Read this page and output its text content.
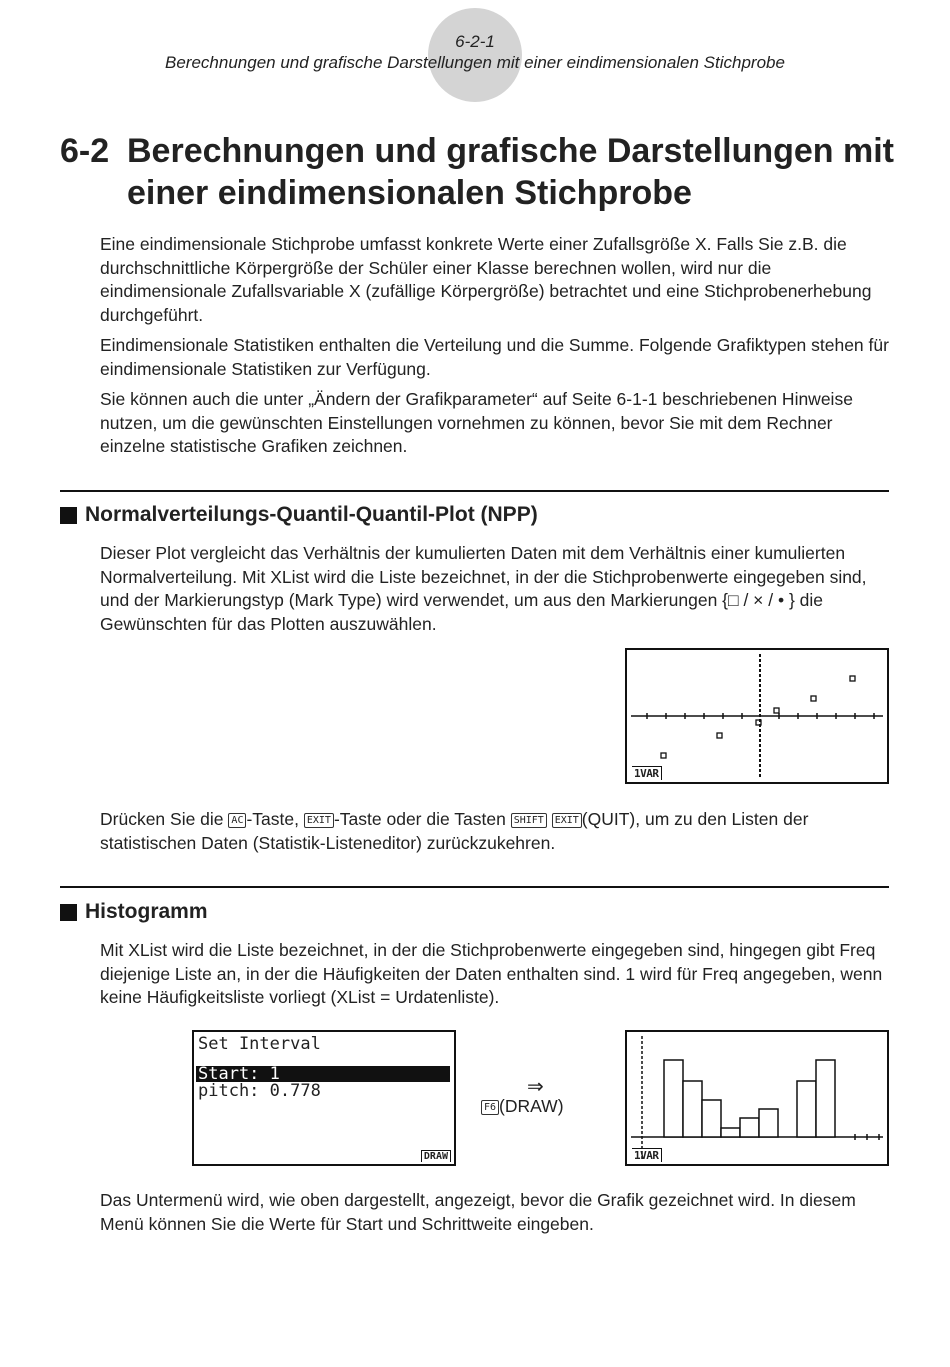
6-2-1
Berechnungen und grafische Darstellungen mit einer eindimensionalen Stichprobe
6-2 Berechnungen und grafische Darstellungen mit einer eindimensionalen Stichprobe

Eine eindimensionale Stichprobe umfasst konkrete Werte einer Zufallsgröße X. Falls Sie z.B. die durchschnittliche Körpergröße der Schüler einer Klasse berechnen wollen, wird nur die eindimensionale Zufallsvariable X (zufällige Körpergröße) betrachtet und eine Stichprobenerhebung durchgeführt.

Eindimensionale Statistiken enthalten die Verteilung und die Summe. Folgende Grafiktypen stehen für eindimensionale Statistiken zur Verfügung.

Sie können auch die unter „Ändern der Grafikparameter“ auf Seite 6-1-1 beschriebenen Hinweise nutzen, um die gewünschten Einstellungen vornehmen zu können, bevor Sie mit dem Rechner einzelne statistische Grafiken zeichnen.

Normalverteilungs-Quantil-Quantil-Plot (NPP)

Dieser Plot vergleicht das Verhältnis der kumulierten Daten mit dem Verhältnis einer kumulierten Normalverteilung. Mit XList wird die Liste bezeichnet, in der die Stichprobenwerte eingegeben sind, und der Markierungstyp (Mark Type) wird verwendet, um aus den Markierungen {□ / × / • } die Gewünschten für das Plotten auszuwählen.

1VAR

Drücken Sie die AC -Taste, EXIT -Taste oder die Tasten SHIFT EXIT (QUIT), um zu den Listen der statistischen Daten (Statistik-Listeneditor) zurückzukehren.

Histogramm

Mit XList wird die Liste bezeichnet, in der die Stichprobenwerte eingegeben sind, hingegen gibt Freq diejenige Liste an, in der die Häufigkeiten der Daten enthalten sind. 1 wird für Freq angegeben, wenn keine Häufigkeitsliste vorliegt (XList = Urdatenliste).

Set Interval
Start: 1
pitch: 0.778
DRAW
⇒
F6 (DRAW)
1VAR

Das Untermenü wird, wie oben dargestellt, angezeigt, bevor die Grafik gezeichnet wird. In diesem Menü können Sie die Werte für Start und Schrittweite eingeben.
